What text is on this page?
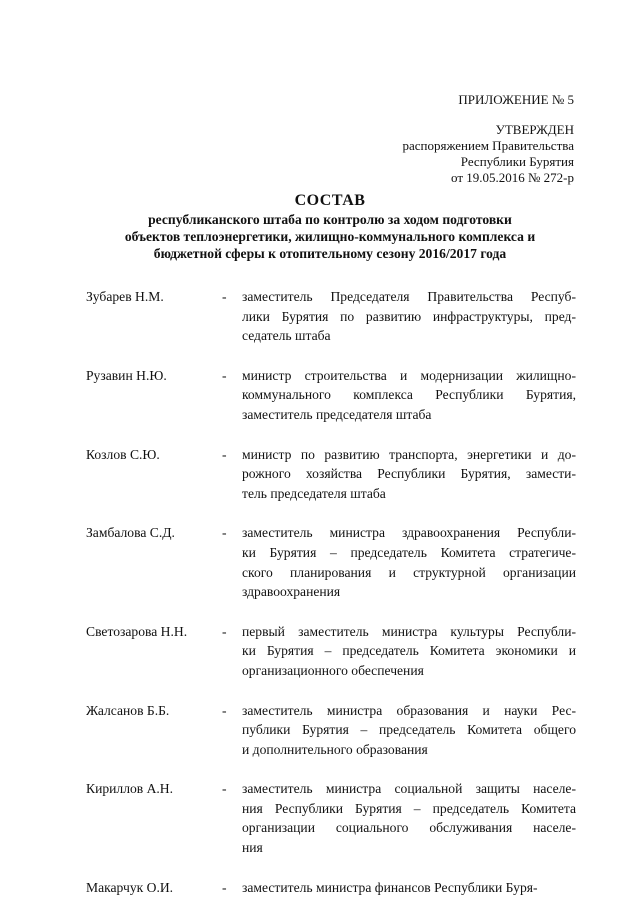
ПРИЛОЖЕНИЕ № 5
УТВЕРЖДЕН
распоряжением Правительства
Республики Бурятия
от 19.05.2016 № 272-р
СОСТАВ
республиканского штаба по контролю за ходом подготовки
объектов теплоэнергетики, жилищно-коммунального комплекса и
бюджетной сферы к отопительному сезону 2016/2017 года
Зубарев Н.М.	-	заместитель Председателя Правительства Респуб-
лики Бурятия по развитию инфраструктуры, пред-
седатель штаба
Рузавин Н.Ю.	-	министр строительства и модернизации жилищно-
коммунального комплекса Республики Бурятия,
заместитель председателя штаба
Козлов С.Ю.	-	министр по развитию транспорта, энергетики и до-
рожного хозяйства Республики Бурятия, замести-
тель председателя штаба
Замбалова С.Д.	-	заместитель министра здравоохранения Республи-
ки Бурятия – председатель Комитета стратегиче-
ского планирования и структурной организации
здравоохранения
Светозарова Н.Н.	-	первый заместитель министра культуры Республи-
ки Бурятия – председатель Комитета экономики и
организационного обеспечения
Жалсанов Б.Б.	-	заместитель министра образования и науки Рес-
публики Бурятия – председатель Комитета общего
и дополнительного образования
Кириллов А.Н.	-	заместитель министра социальной защиты населе-
ния Республики Бурятия – председатель Комитета
организации социального обслуживания населе-
ния
Макарчук О.И.	-	заместитель министра финансов Республики Буря-
